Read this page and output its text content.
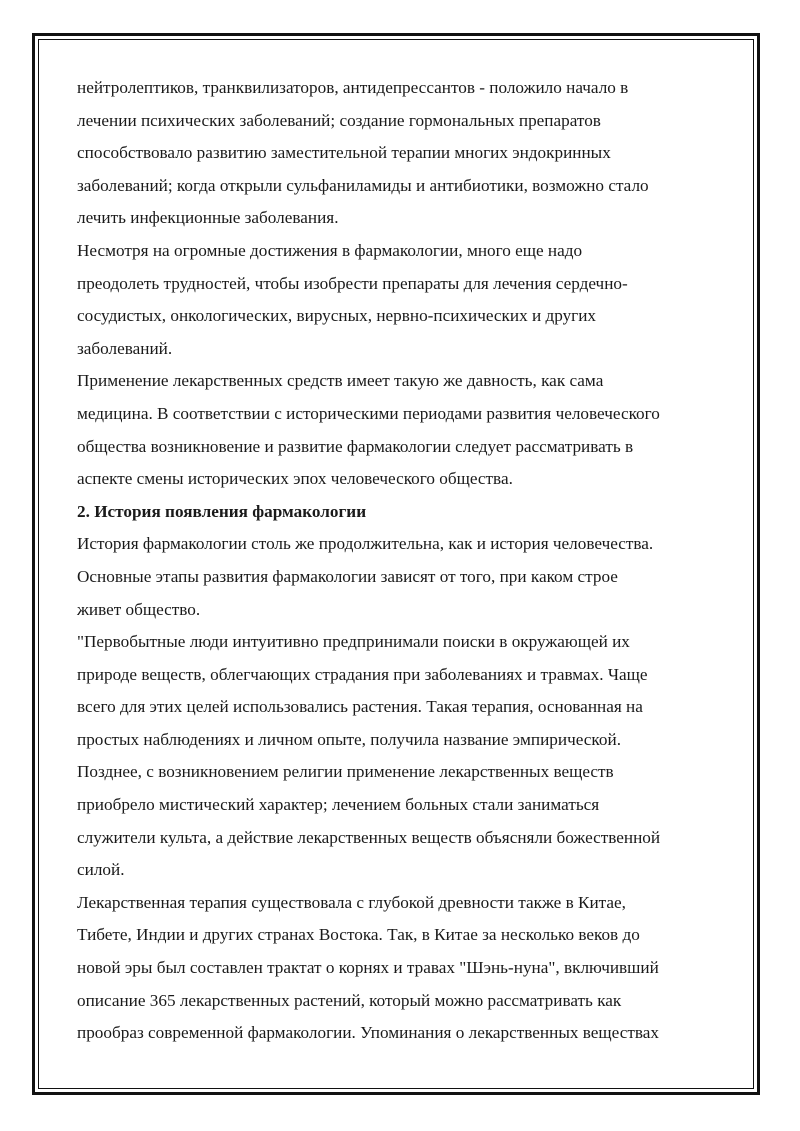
нейтролептиков, транквилизаторов, антидепрессантов - положило начало в
лечении психических заболеваний; создание гормональных препаратов
способствовало развитию заместительной терапии многих эндокринных
заболеваний; когда открыли сульфаниламиды и антибиотики, возможно стало
лечить инфекционные заболевания.

Несмотря на огромные достижения в фармакологии, много еще надо
преодолеть трудностей, чтобы изобрести препараты для лечения сердечно-
сосудистых, онкологических, вирусных, нервно-психических и других
заболеваний.

Применение лекарственных средств имеет такую же давность, как сама
медицина. В соответствии с историческими периодами развития человеческого
общества возникновение и развитие фармакологии следует рассматривать в
аспекте смены исторических эпох человеческого общества.

2. История появления фармакологии

История фармакологии столь же продолжительна, как и история человечества.
Основные этапы развития фармакологии зависят от того, при каком строе
живет общество.

"Первобытные люди интуитивно предпринимали поиски в окружающей их
природе веществ, облегчающих страдания при заболеваниях и травмах. Чаще
всего для этих целей использовались растения. Такая терапия, основанная на
простых наблюдениях и личном опыте, получила название эмпирической.
Позднее, с возникновением религии применение лекарственных веществ
приобрело мистический характер; лечением больных стали заниматься
служители культа, а действие лекарственных веществ объясняли божественной
силой.

Лекарственная терапия существовала с глубокой древности также в Китае,
Тибете, Индии и других странах Востока. Так, в Китае за несколько веков до
новой эры был составлен трактат о корнях и травах "Шэнь-нуна", включивший
описание 365 лекарственных растений, который можно рассматривать как
прообраз современной фармакологии. Упоминания о лекарственных веществах
